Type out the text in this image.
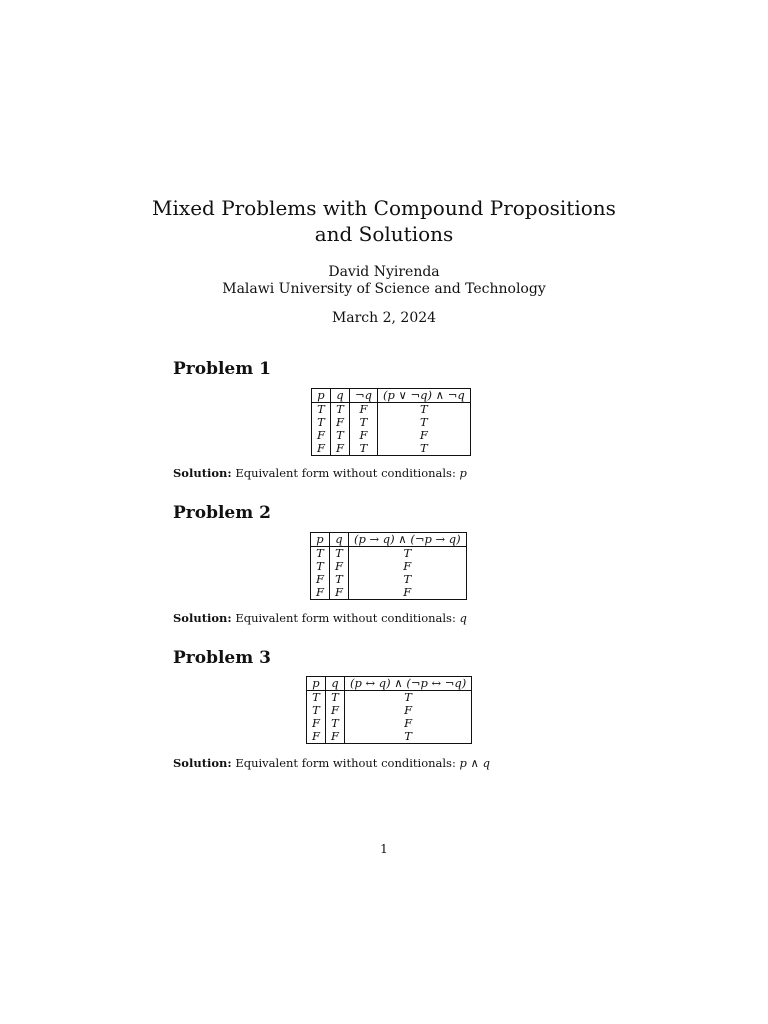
Mixed Problems with Compound Propositions
and Solutions
David Nyirenda
Malawi University of Science and Technology
March 2, 2024
Problem 1
p	q	¬q	(p ∨ ¬q) ∧ ¬q
T	T	F	T
T	F	T	T
F	T	F	F
F	F	T	T
Solution: Equivalent form without conditionals: p
Problem 2
p	q	(p → q) ∧ (¬p → q)
T	T	T
T	F	F
F	T	T
F	F	F
Solution: Equivalent form without conditionals: q
Problem 3
p	q	(p ↔ q) ∧ (¬p ↔ ¬q)
T	T	T
T	F	F
F	T	F
F	F	T
Solution: Equivalent form without conditionals: p ∧ q
1
